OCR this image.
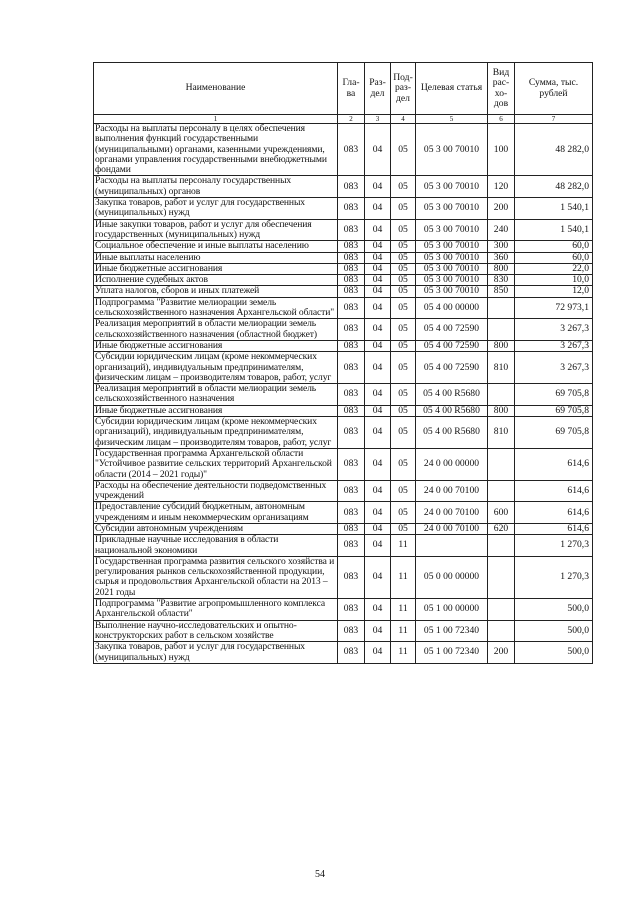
Наименование	Гла-ва	Раз-дел	Под-раз-дел	Целевая статья	Вид рас-хо-дов	Сумма, тыс. рублей
1	2	3	4	5	6	7
Расходы на выплаты персоналу в целях обеспечения выполнения функций государственными (муниципальными) органами, казенными учреждениями, органами управления государственными внебюджетными фондами	083	04	05	05 3 00 70010	100	48 282,0
Расходы на выплаты персоналу государственных (муниципальных) органов	083	04	05	05 3 00 70010	120	48 282,0
Закупка товаров, работ и услуг для государственных (муниципальных) нужд	083	04	05	05 3 00 70010	200	1 540,1
Иные закупки товаров, работ и услуг для обеспечения государственных (муниципальных) нужд	083	04	05	05 3 00 70010	240	1 540,1
Социальное обеспечение и иные выплаты населению	083	04	05	05 3 00 70010	300	60,0
Иные выплаты населению	083	04	05	05 3 00 70010	360	60,0
Иные бюджетные ассигнования	083	04	05	05 3 00 70010	800	22,0
Исполнение судебных актов	083	04	05	05 3 00 70010	830	10,0
Уплата налогов, сборов и иных платежей	083	04	05	05 3 00 70010	850	12,0
Подпрограмма "Развитие мелиорации земель сельскохозяйственного назначения Архангельской области"	083	04	05	05 4 00 00000		72 973,1
Реализация мероприятий в области мелиорации земель сельскохозяйственного назначения (областной бюджет)	083	04	05	05 4 00 72590		3 267,3
Иные бюджетные ассигнования	083	04	05	05 4 00 72590	800	3 267,3
Субсидии юридическим лицам (кроме некоммерческих организаций), индивидуальным предпринимателям, физическим лицам – производителям товаров, работ, услуг	083	04	05	05 4 00 72590	810	3 267,3
Реализация мероприятий в области мелиорации земель сельскохозяйственного назначения	083	04	05	05 4 00 R5680		69 705,8
Иные бюджетные ассигнования	083	04	05	05 4 00 R5680	800	69 705,8
Субсидии юридическим лицам (кроме некоммерческих организаций), индивидуальным предпринимателям, физическим лицам – производителям товаров, работ, услуг	083	04	05	05 4 00 R5680	810	69 705,8
Государственная программа Архангельской области "Устойчивое развитие сельских территорий Архангельской области (2014 – 2021 годы)"	083	04	05	24 0 00 00000		614,6
Расходы на обеспечение деятельности подведомственных учреждений	083	04	05	24 0 00 70100		614,6
Предоставление субсидий бюджетным, автономным учреждениям и иным некоммерческим организациям	083	04	05	24 0 00 70100	600	614,6
Субсидии автономным учреждениям	083	04	05	24 0 00 70100	620	614,6
Прикладные научные исследования в области национальной экономики	083	04	11			1 270,3
Государственная программа развития сельского хозяйства и регулирования рынков сельскохозяйственной продукции, сырья и продовольствия Архангельской области на 2013 – 2021 годы	083	04	11	05 0 00 00000		1 270,3
Подпрограмма "Развитие агропромышленного комплекса Архангельской области"	083	04	11	05 1 00 00000		500,0
Выполнение научно-исследовательских и опытно-конструкторских работ в сельском хозяйстве	083	04	11	05 1 00 72340		500,0
Закупка товаров, работ и услуг для государственных (муниципальных) нужд	083	04	11	05 1 00 72340	200	500,0
54
